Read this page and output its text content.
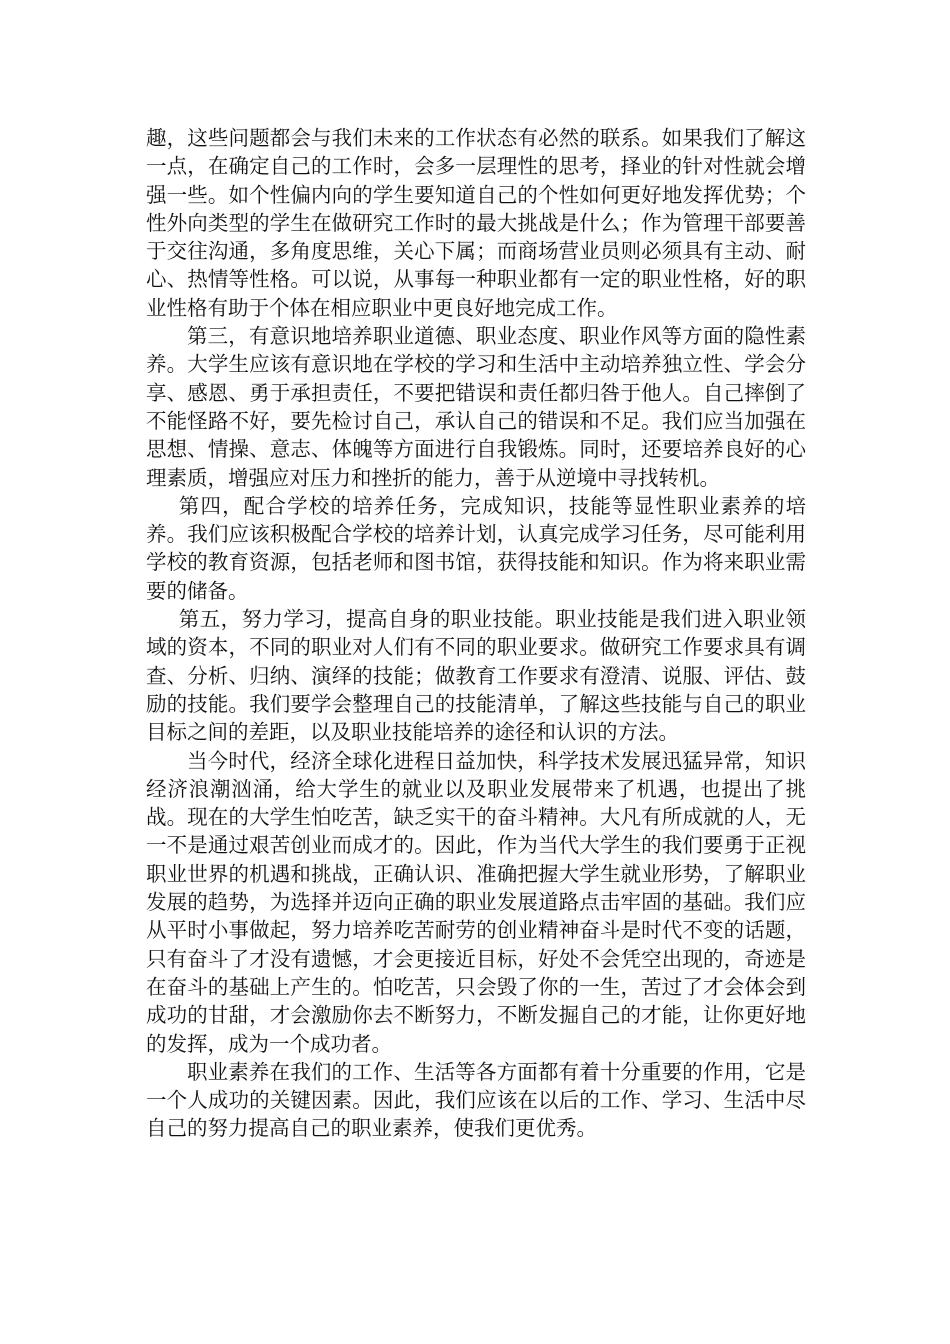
趣，这些问题都会与我们未来的工作状态有必然的联系。如果我们了解这一点，在确定自己的工作时，会多一层理性的思考，择业的针对性就会增强一些。如个性偏内向的学生要知道自己的个性如何更好地发挥优势；个性外向类型的学生在做研究工作时的最大挑战是什么；作为管理干部要善于交往沟通，多角度思维，关心下属；而商场营业员则必须具有主动、耐心、热情等性格。可以说，从事每一种职业都有一定的职业性格，好的职业性格有助于个体在相应职业中更良好地完成工作。

第三，有意识地培养职业道德、职业态度、职业作风等方面的隐性素养。大学生应该有意识地在学校的学习和生活中主动培养独立性、学会分享、感恩、勇于承担责任，不要把错误和责任都归咎于他人。自己摔倒了不能怪路不好，要先检讨自己，承认自己的错误和不足。我们应当加强在思想、情操、意志、体魄等方面进行自我锻炼。同时，还要培养良好的心理素质，增强应对压力和挫折的能力，善于从逆境中寻找转机。

第四，配合学校的培养任务，完成知识，技能等显性职业素养的培养。我们应该积极配合学校的培养计划，认真完成学习任务，尽可能利用学校的教育资源，包括老师和图书馆，获得技能和知识。作为将来职业需要的储备。

第五，努力学习，提高自身的职业技能。职业技能是我们进入职业领域的资本，不同的职业对人们有不同的职业要求。做研究工作要求具有调查、分析、归纳、演绎的技能；做教育工作要求有澄清、说服、评估、鼓励的技能。我们要学会整理自己的技能清单，了解这些技能与自己的职业目标之间的差距，以及职业技能培养的途径和认识的方法。

当今时代，经济全球化进程日益加快，科学技术发展迅猛异常，知识经济浪潮汹涌，给大学生的就业以及职业发展带来了机遇，也提出了挑战。现在的大学生怕吃苦，缺乏实干的奋斗精神。大凡有所成就的人，无一不是通过艰苦创业而成才的。因此，作为当代大学生的我们要勇于正视职业世界的机遇和挑战，正确认识、准确把握大学生就业形势，了解职业发展的趋势，为选择并迈向正确的职业发展道路点击牢固的基础。我们应从平时小事做起，努力培养吃苦耐劳的创业精神奋斗是时代不变的话题，只有奋斗了才没有遗憾，才会更接近目标，好处不会凭空出现的，奇迹是在奋斗的基础上产生的。怕吃苦，只会毁了你的一生，苦过了才会体会到成功的甘甜，才会激励你去不断努力，不断发掘自己的才能，让你更好地的发挥，成为一个成功者。

职业素养在我们的工作、生活等各方面都有着十分重要的作用，它是一个人成功的关键因素。因此，我们应该在以后的工作、学习、生活中尽自己的努力提高自己的职业素养，使我们更优秀。
